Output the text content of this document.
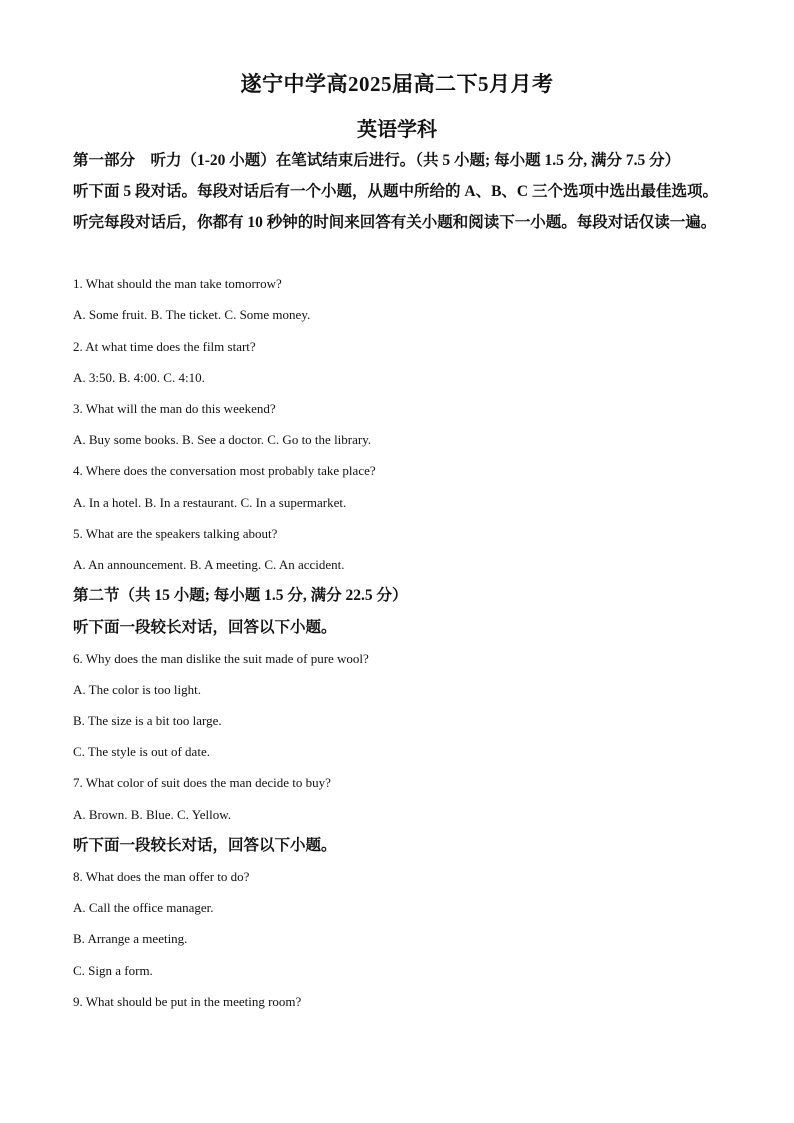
遂宁中学高2025届高二下5月月考
英语学科
第一部分　听力（1-20 小题）在笔试结束后进行。（共 5 小题; 每小题 1.5 分, 满分 7.5 分）
听下面 5 段对话。每段对话后有一个小题，从题中所给的 A、B、C 三个选项中选出最佳选项。听完每段对话后，你都有 10 秒钟的时间来回答有关小题和阅读下一小题。每段对话仅读一遍。
1. What should the man take tomorrow?
A. Some fruit. B. The ticket. C. Some money.
2. At what time does the film start?
A. 3:50. B. 4:00. C. 4:10.
3. What will the man do this weekend?
A. Buy some books. B. See a doctor. C. Go to the library.
4. Where does the conversation most probably take place?
A. In a hotel. B. In a restaurant. C. In a supermarket.
5. What are the speakers talking about?
A. An announcement. B. A meeting. C. An accident.
第二节（共 15 小题; 每小题 1.5 分, 满分 22.5 分）
听下面一段较长对话，回答以下小题。
6. Why does the man dislike the suit made of pure wool?
A. The color is too light.
B. The size is a bit too large.
C. The style is out of date.
7. What color of suit does the man decide to buy?
A. Brown. B. Blue. C. Yellow.
听下面一段较长对话，回答以下小题。
8. What does the man offer to do?
A. Call the office manager.
B. Arrange a meeting.
C. Sign a form.
9. What should be put in the meeting room?
